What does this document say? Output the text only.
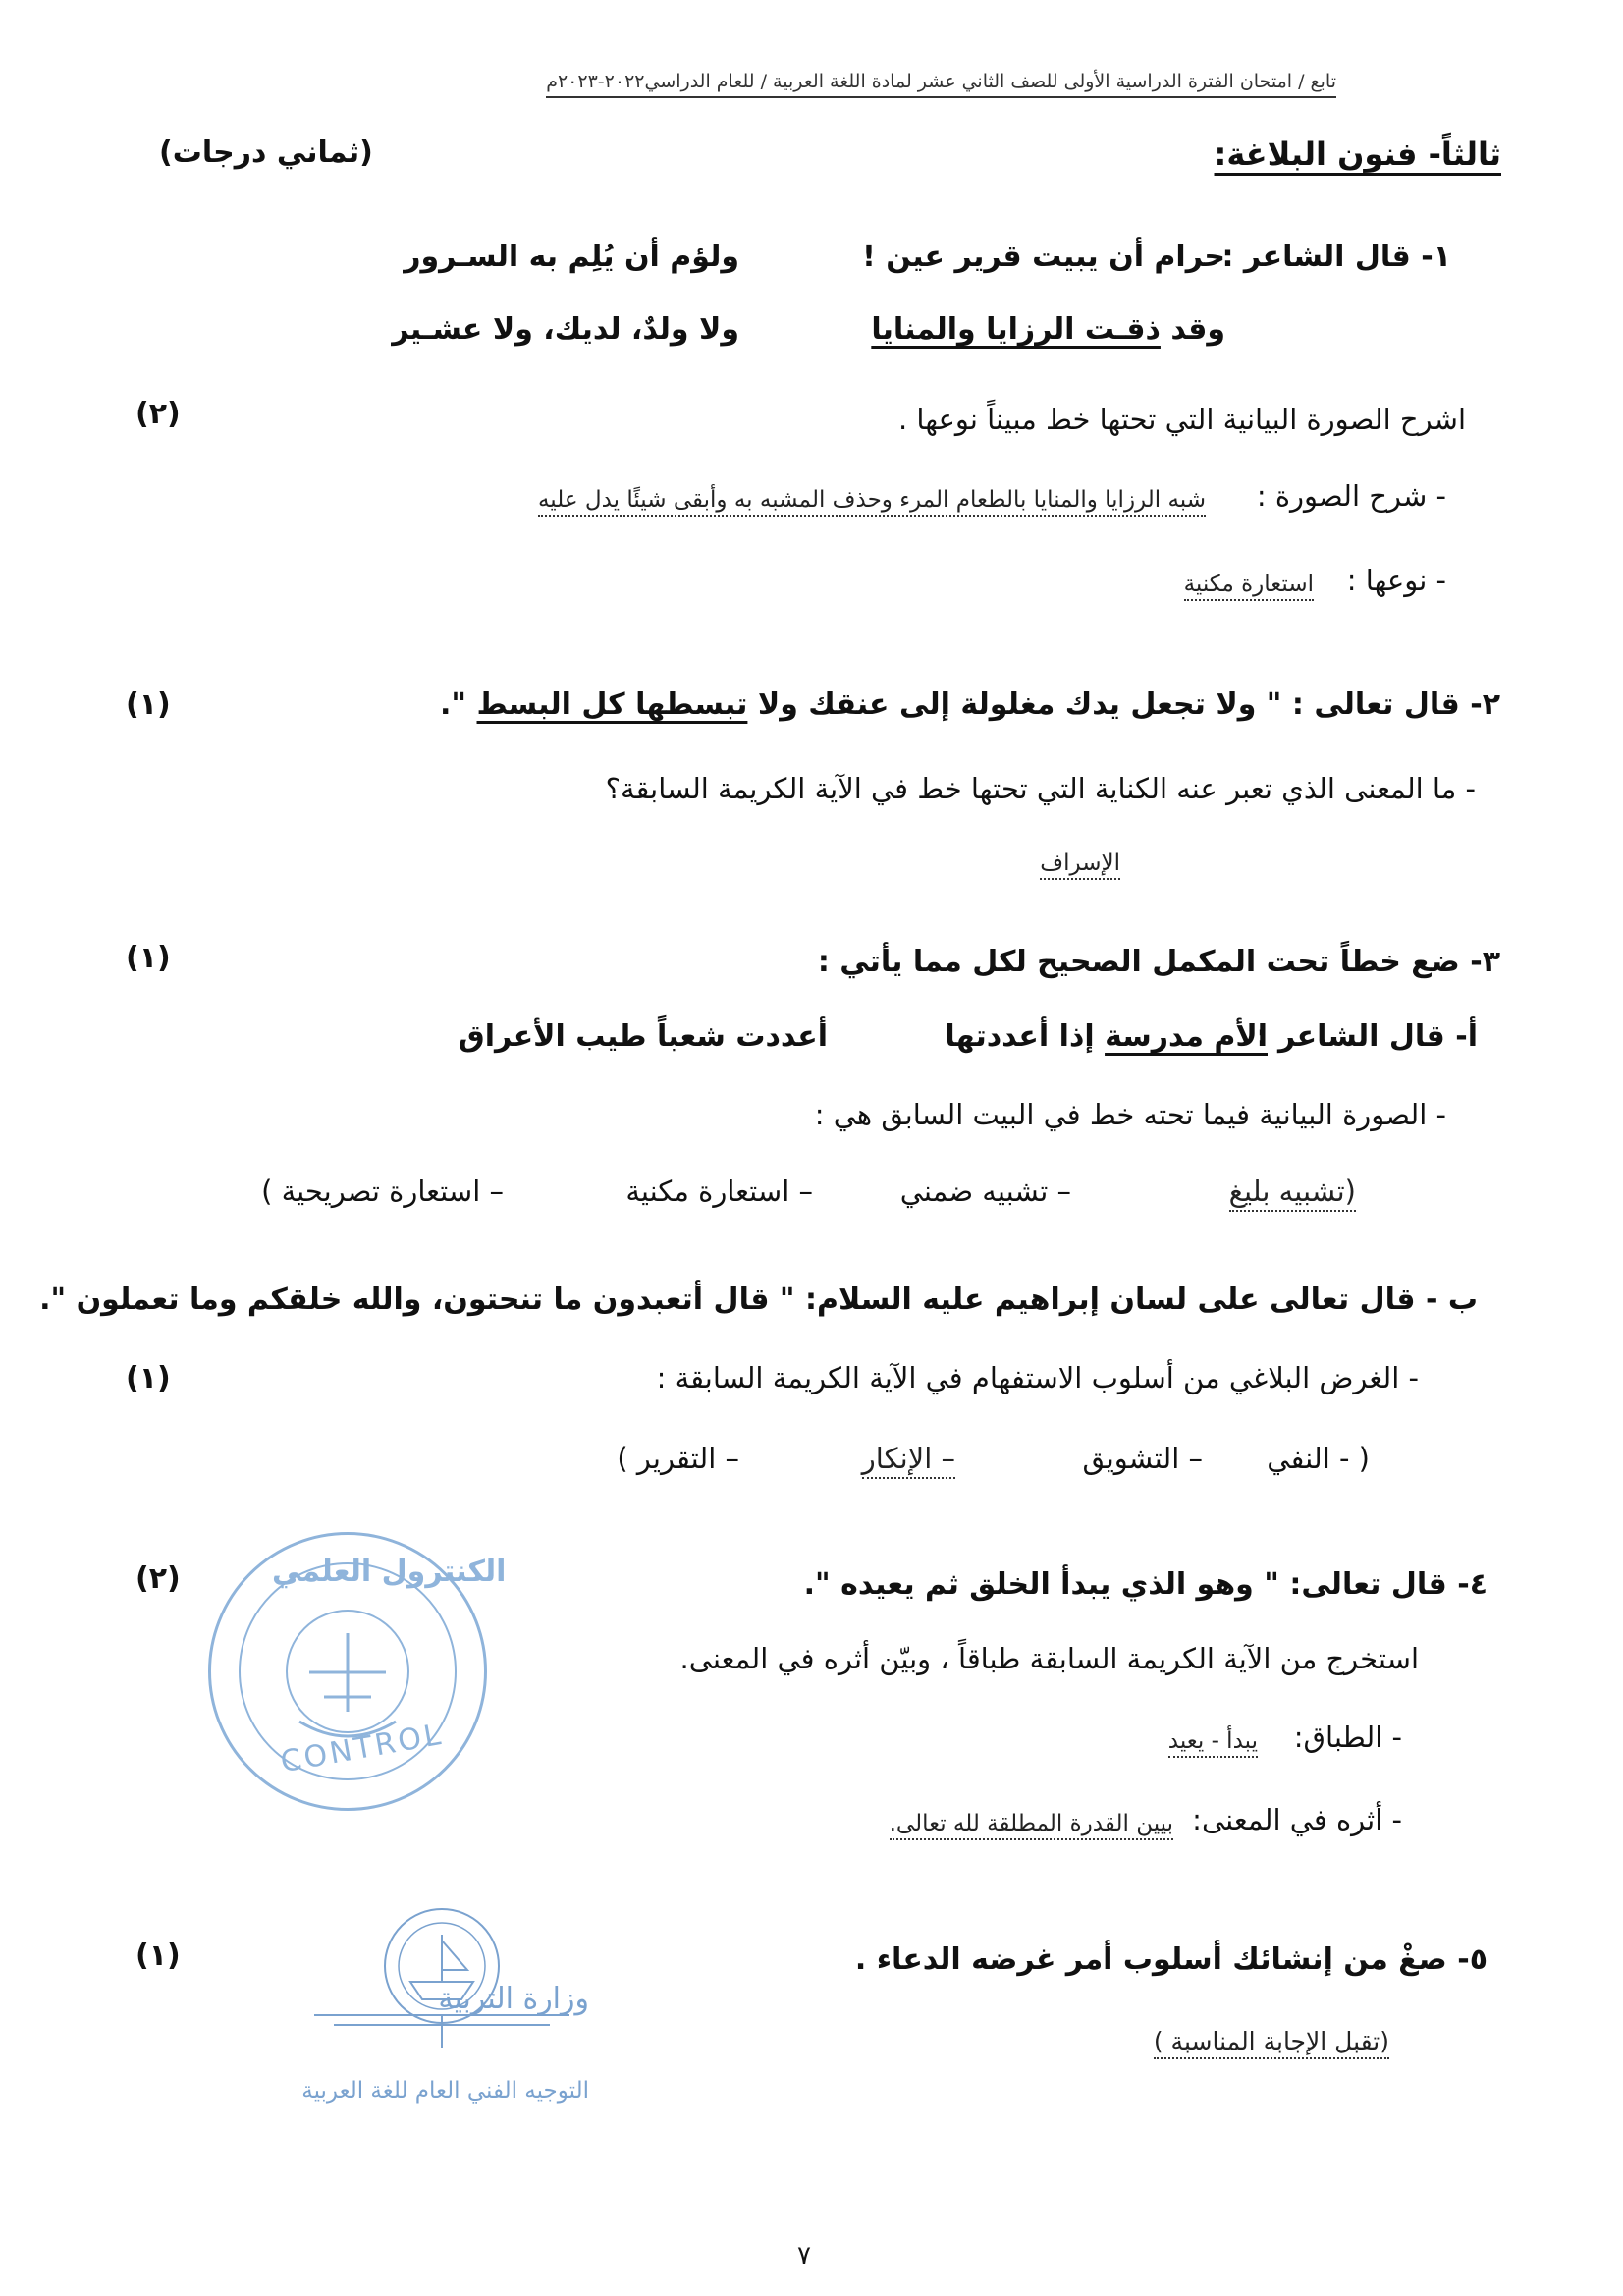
تابع / امتحان الفترة الدراسية الأولى للصف الثاني عشر لمادة اللغة العربية / للعام الدراسي٢٠٢٢-٢٠٢٣م
ثالثاً- فنون البلاغة:
(ثماني درجات)
١- قال الشاعر :
حرام أن يبيت قرير عين !
ولؤم أن يُلِم به السـرور
وقد ذقـت الرزايا والمنايا
ولا ولدٌ، لديك، ولا عشـير
اشرح الصورة البيانية التي تحتها خط مبيناً نوعها .
(٢)
- شرح الصورة :
شبه الرزايا والمنايا بالطعام المرء وحذف المشبه به وأبقى شيئًا يدل عليه
- نوعها :
استعارة مكنية
٢- قال تعالى : " ولا تجعل يدك مغلولة إلى عنقك ولا تبسطها كل البسط ".
(١)
- ما المعنى الذي تعبر عنه الكناية التي تحتها خط في الآية الكريمة السابقة؟
الإسراف
٣- ضع خطاً تحت المكمل الصحيح لكل مما يأتي :
(١)
أ- قال الشاعر :
الأم مدرسة إذا أعددتها
أعددت شعباً طيب الأعراق
- الصورة البيانية فيما تحته خط في البيت السابق هي :
(تشبيه بليغ
– تشبيه ضمني
– استعارة مكنية
– استعارة تصريحية )
ب - قال تعالى على لسان إبراهيم عليه السلام: " قال أتعبدون ما تنحتون، والله خلقكم وما تعملون ".
(١)	- الغرض البلاغي من أسلوب الاستفهام في الآية الكريمة السابقة :
( - النفي
– التشويق
– الإنكار
– التقرير )
٤- قال تعالى: " وهو الذي يبدأ الخلق ثم يعيده ".
(٢)
استخرج من الآية الكريمة السابقة طباقاً ، وبيّن أثره في المعنى.
- الطباق:
يبدأ - يعيد
- أثره في المعنى:
بيين القدرة المطلقة لله تعالى.
الكنترول العلمي
CONTROL
٥- صغْ من إنشائك أسلوب أمر غرضه الدعاء .
(١)
(تقبل الإجابة المناسبة )
وزارة التربية
التوجيه الفني العام للغة العربية
٧
